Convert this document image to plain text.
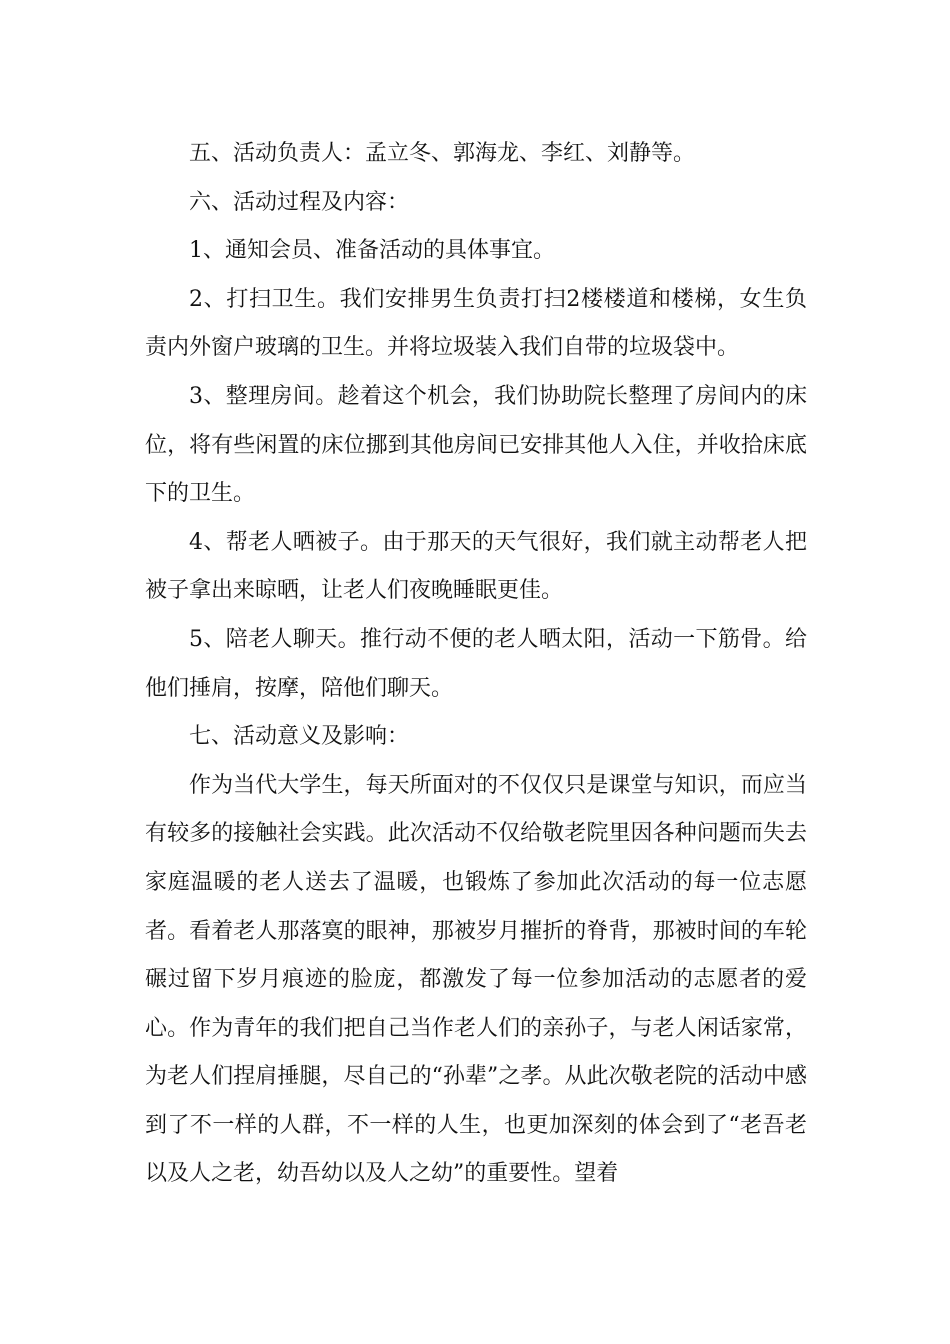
五、活动负责人：孟立冬、郭海龙、李红、刘静等。

六、活动过程及内容：

1、通知会员、准备活动的具体事宜。

2、打扫卫生。我们安排男生负责打扫2楼楼道和楼梯，女生负责内外窗户玻璃的卫生。并将垃圾装入我们自带的垃圾袋中。

3、整理房间。趁着这个机会，我们协助院长整理了房间内的床位，将有些闲置的床位挪到其他房间已安排其他人入住，并收拾床底下的卫生。

4、帮老人晒被子。由于那天的天气很好，我们就主动帮老人把被子拿出来晾晒，让老人们夜晚睡眠更佳。

5、陪老人聊天。推行动不便的老人晒太阳，活动一下筋骨。给他们捶肩，按摩，陪他们聊天。

七、活动意义及影响：

作为当代大学生，每天所面对的不仅仅只是课堂与知识，而应当有较多的接触社会实践。此次活动不仅给敬老院里因各种问题而失去家庭温暖的老人送去了温暖，也锻炼了参加此次活动的每一位志愿者。看着老人那落寞的眼神，那被岁月摧折的脊背，那被时间的车轮碾过留下岁月痕迹的脸庞，都激发了每一位参加活动的志愿者的爱心。作为青年的我们把自己当作老人们的亲孙子，与老人闲话家常，为老人们捏肩捶腿，尽自己的“孙辈”之孝。从此次敬老院的活动中感到了不一样的人群，不一样的人生，也更加深刻的体会到了“老吾老以及人之老，幼吾幼以及人之幼”的重要性。望着
